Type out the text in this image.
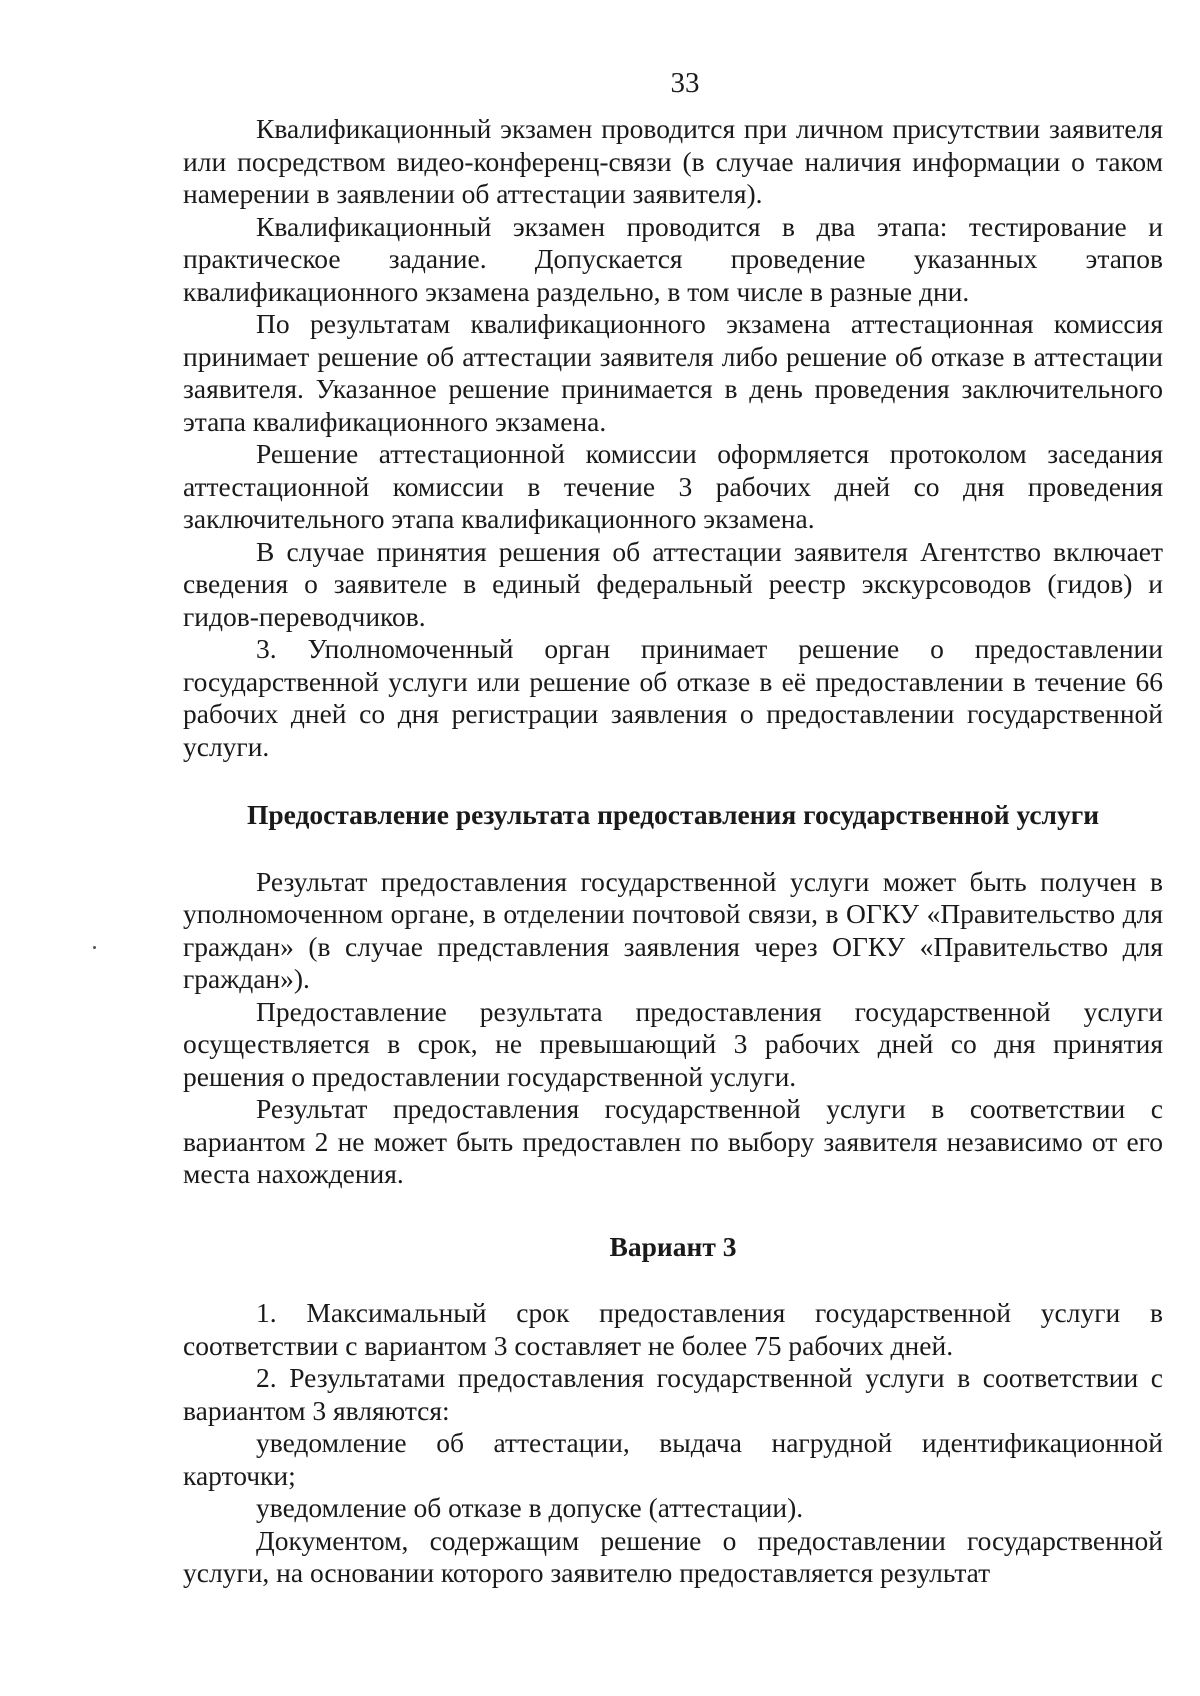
33

Квалификационный экзамен проводится при личном присутствии заявителя или посредством видео-конференц-связи (в случае наличия информации о таком намерении в заявлении об аттестации заявителя).

Квалификационный экзамен проводится в два этапа: тестирование и практическое задание. Допускается проведение указанных этапов квалификационного экзамена раздельно, в том числе в разные дни.

По результатам квалификационного экзамена аттестационная комиссия принимает решение об аттестации заявителя либо решение об отказе в аттестации заявителя. Указанное решение принимается в день проведения заключительного этапа квалификационного экзамена.

Решение аттестационной комиссии оформляется протоколом заседания аттестационной комиссии в течение 3 рабочих дней со дня проведения заключительного этапа квалификационного экзамена.

В случае принятия решения об аттестации заявителя Агентство включает сведения о заявителе в единый федеральный реестр экскурсоводов (гидов) и гидов-переводчиков.

3. Уполномоченный орган принимает решение о предоставлении государственной услуги или решение об отказе в её предоставлении в течение 66 рабочих дней со дня регистрации заявления о предоставлении государственной услуги.

Предоставление результата предоставления государственной услуги

Результат предоставления государственной услуги может быть получен в уполномоченном органе, в отделении почтовой связи, в ОГКУ «Правительство для граждан» (в случае представления заявления через ОГКУ «Правительство для граждан»).

Предоставление результата предоставления государственной услуги осуществляется в срок, не превышающий 3 рабочих дней со дня принятия решения о предоставлении государственной услуги.

Результат предоставления государственной услуги в соответствии с вариантом 2 не может быть предоставлен по выбору заявителя независимо от его места нахождения.

Вариант 3

1. Максимальный срок предоставления государственной услуги в соответствии с вариантом 3 составляет не более 75 рабочих дней.

2. Результатами предоставления государственной услуги в соответствии с вариантом 3 являются:

уведомление об аттестации, выдача нагрудной идентификационной карточки;

уведомление об отказе в допуске (аттестации).

Документом, содержащим решение о предоставлении государственной услуги, на основании которого заявителю предоставляется результат
